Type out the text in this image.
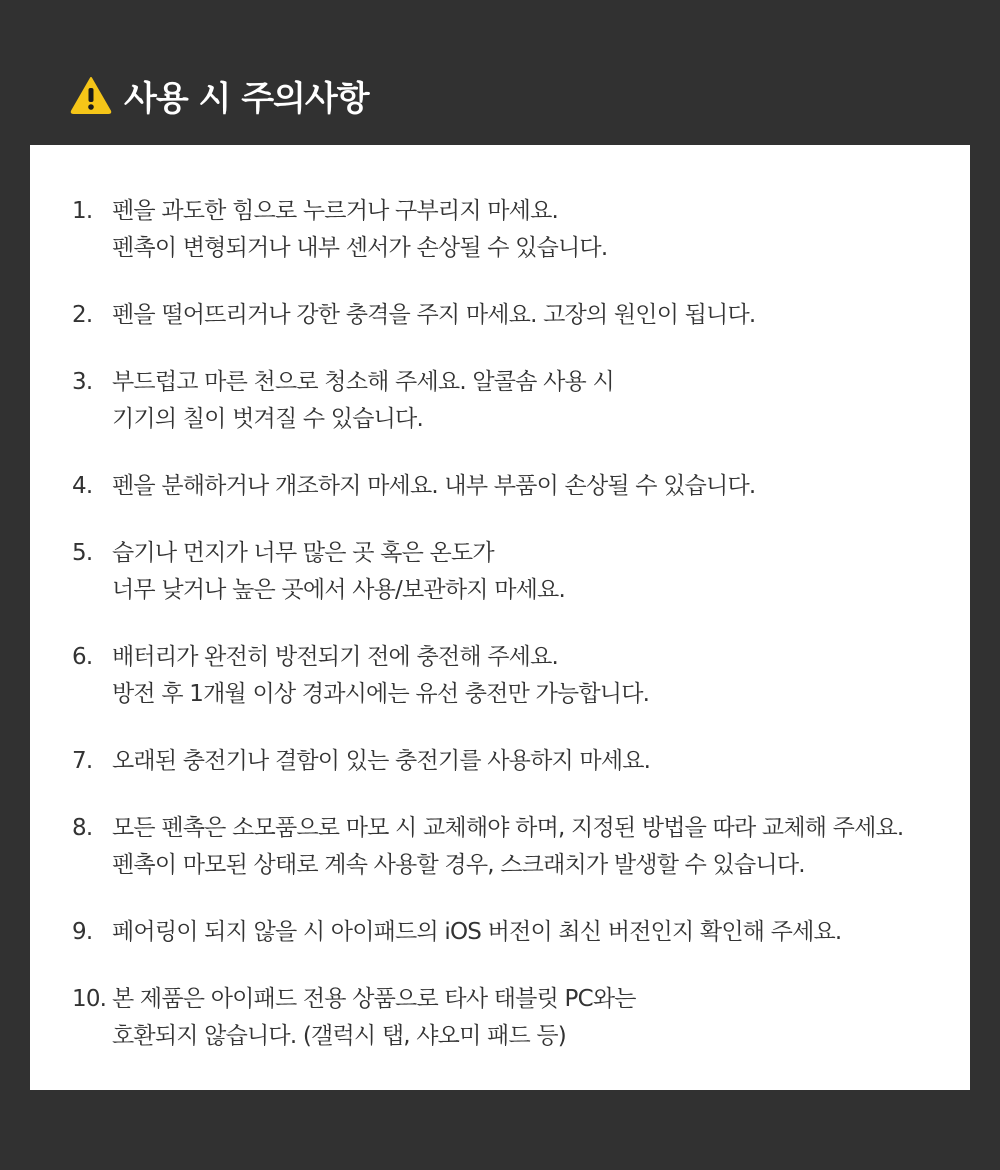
사용 시 주의사항
1. 펜을 과도한 힘으로 누르거나 구부리지 마세요.
펜촉이 변형되거나 내부 센서가 손상될 수 있습니다.
2. 펜을 떨어뜨리거나 강한 충격을 주지 마세요. 고장의 원인이 됩니다.
3. 부드럽고 마른 천으로 청소해 주세요. 알콜솜 사용 시
기기의 칠이 벗겨질 수 있습니다.
4. 펜을 분해하거나 개조하지 마세요. 내부 부품이 손상될 수 있습니다.
5. 습기나 먼지가 너무 많은 곳 혹은 온도가
너무 낮거나 높은 곳에서 사용/보관하지 마세요.
6. 배터리가 완전히 방전되기 전에 충전해 주세요.
방전 후 1개월 이상 경과시에는 유선 충전만 가능합니다.
7. 오래된 충전기나 결함이 있는 충전기를 사용하지 마세요.
8. 모든 펜촉은 소모품으로 마모 시 교체해야 하며, 지정된 방법을 따라 교체해 주세요.
펜촉이 마모된 상태로 계속 사용할 경우, 스크래치가 발생할 수 있습니다.
9. 페어링이 되지 않을 시 아이패드의 iOS 버전이 최신 버전인지 확인해 주세요.
10. 본 제품은 아이패드 전용 상품으로 타사 태블릿 PC와는
호환되지 않습니다. (갤럭시 탭, 샤오미 패드 등)
